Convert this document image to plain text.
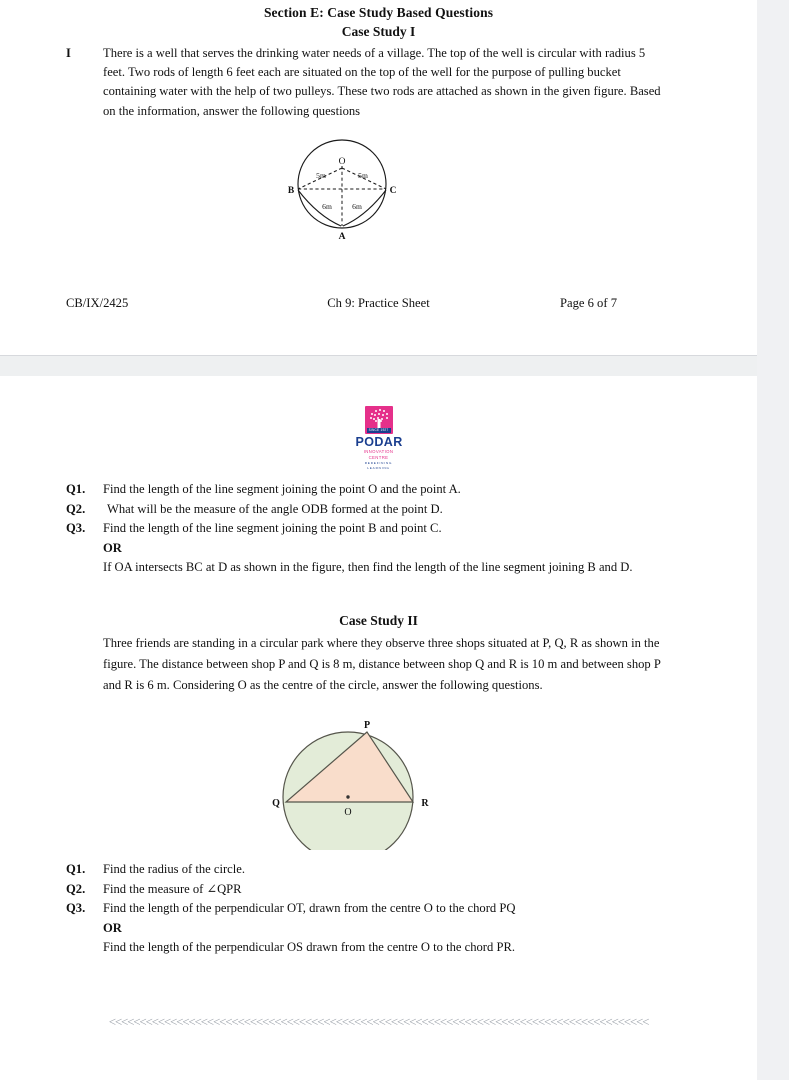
Section E: Case Study Based Questions
Case Study I
I	There is a well that serves the drinking water needs of a village. The top of the well is circular with radius 5 feet. Two rods of length 6 feet each are situated on the top of the well for the purpose of pulling bucket containing water with the help of two pulleys. These two rods are attached as shown in the given figure. Based on the information, answer the following questions
O
B	C
A
5m	5m
6m	6m
CB/IX/2425	Ch 9: Practice Sheet	Page 6 of 7
SINCE 1927
PODAR
INNOVATION CENTRE
REDEFINING LEARNING
Q1.	Find the length of the line segment joining the point O and the point A.
Q2.	What will be the measure of the angle ODB formed at the point D.
Q3.	Find the length of the line segment joining the point B and point C.
OR
If OA intersects BC at D as shown in the figure, then find the length of the line segment joining B and D.
Case Study II
Three friends are standing in a circular park where they observe three shops situated at P, Q, R as shown in the figure. The distance between shop P and Q is 8 m, distance between shop Q and R is 10 m and between shop P and R is 6 m. Considering O as the centre of the circle, answer the following questions.
P
Q	R
O
Q1.	Find the radius of the circle.
Q2.	Find the measure of ∠QPR
Q3.	Find the length of the perpendicular OT, drawn from the centre O to the chord PQ
OR
Find the length of the perpendicular OS drawn from the centre O to the chord PR.
<<<<<<<<<<<<<<<<<<<<<<<<<<<<<<<<<<<<<<<<<<<<<<<<<<<<<<<<<<<<<<<<<<<<<<<<<<<<<<<<<<<<<<<<
